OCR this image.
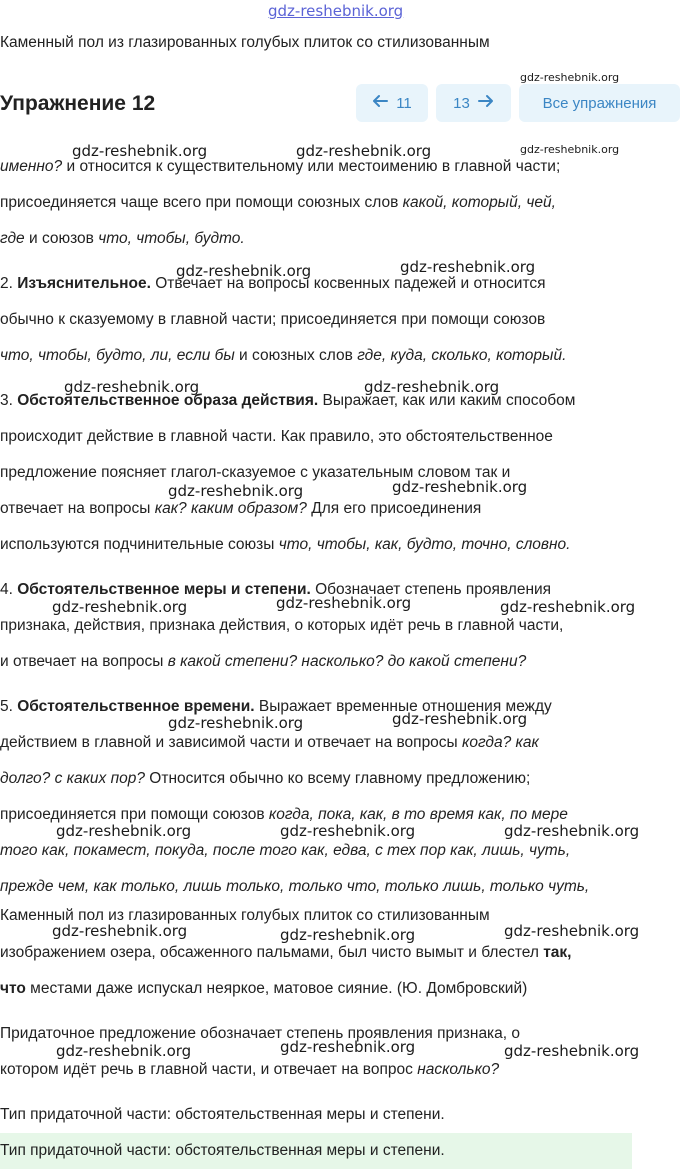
gdz-reshebnik.org
Каменный пол из глазированных голубых плиток со стилизованным
Упражнение 12
gdz-reshebnik.org
gdz-reshebnik.org
11	13	Все упражнения
именно? и относится к существительному или местоимению в главной части;
присоединяется чаще всего при помощи союзных слов какой, который, чей,
где и союзов что, чтобы, будто.
2. Изъяснительное. Отвечает на вопросы косвенных падежей и относится
обычно к сказуемому в главной части; присоединяется при помощи союзов
что, чтобы, будто, ли, если бы и союзных слов где, куда, сколько, который.
3. Обстоятельственное образа действия. Выражает, как или каким способом
происходит действие в главной части. Как правило, это обстоятельственное
предложение поясняет глагол-сказуемое с указательным словом так и
отвечает на вопросы как? каким образом? Для его присоединения
используются подчинительные союзы что, чтобы, как, будто, точно, словно.
4. Обстоятельственное меры и степени. Обозначает степень проявления
признака, действия, признака действия, о которых идёт речь в главной части,
и отвечает на вопросы в какой степени? насколько? до какой степени?
5. Обстоятельственное времени. Выражает временные отношения между
действием в главной и зависимой части и отвечает на вопросы когда? как
долго? с каких пор? Относится обычно ко всему главному предложению;
присоединяется при помощи союзов когда, пока, как, в то время как, по мере
того как, покамест, покуда, после того как, едва, с тех пор как, лишь, чуть,
прежде чем, как только, лишь только, только что, только лишь, только чуть,
Каменный пол из глазированных голубых плиток со стилизованным
изображением озера, обсаженного пальмами, был чисто вымыт и блестел так,
что местами даже испускал неяркое, матовое сияние. (Ю. Домбровский)
Придаточное предложение обозначает степень проявления признака, о
котором идёт речь в главной части, и отвечает на вопрос насколько?
Тип придаточной части: обстоятельственная меры и степени.
Тип придаточной части: обстоятельственная меры и степени.
gdz-reshebnik.org	gdz-reshebnik.org
gdz-reshebnik.org	gdz-reshebnik.org
gdz-reshebnik.org	gdz-reshebnik.org
gdz-reshebnik.org	gdz-reshebnik.org
gdz-reshebnik.org	gdz-reshebnik.org	gdz-reshebnik.org
gdz-reshebnik.org	gdz-reshebnik.org
gdz-reshebnik.org	gdz-reshebnik.org	gdz-reshebnik.org
gdz-reshebnik.org	gdz-reshebnik.org	gdz-reshebnik.org
gdz-reshebnik.org	gdz-reshebnik.org	gdz-reshebnik.org
